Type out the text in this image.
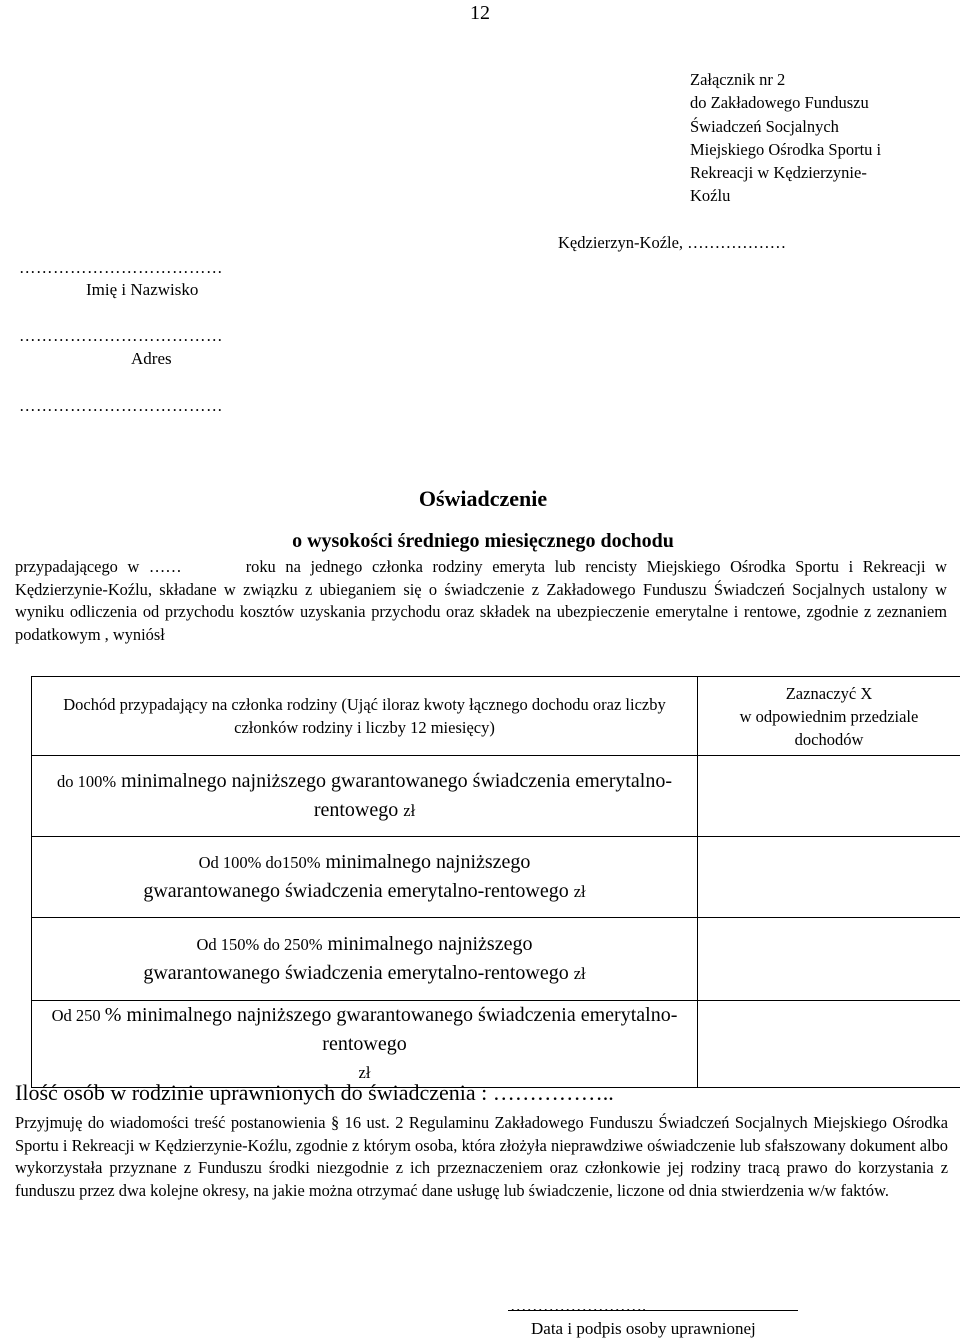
12
Załącznik nr 2
do Zakładowego Funduszu
Świadczeń Socjalnych
Miejskiego Ośrodka Sportu i
Rekreacji w Kędzierzynie-
Koźlu
Kędzierzyn-Koźle, ………………
………………………………
Imię i Nazwisko
………………………………
Adres
………………………………
Oświadczenie
o wysokości średniego miesięcznego dochodu

przypadającego w ……	roku na jednego członka rodziny emeryta lub rencisty Miejskiego Ośrodka Sportu i Rekreacji w Kędzierzynie-Koźlu, składane w związku z ubieganiem się o świadczenie z Zakładowego Funduszu Świadczeń Socjalnych ustalony w wyniku odliczenia od przychodu kosztów uzyskania przychodu oraz składek na ubezpieczenie emerytalne i rentowe, zgodnie z zeznaniem podatkowym , wyniósł

Dochód przypadający na członka rodziny (Ująć iloraz kwoty łącznego dochodu oraz liczby członków rodziny i liczby 12 miesięcy)	Zaznaczyć X
w odpowiednim przedziale dochodów

do 100% minimalnego najniższego gwarantowanego świadczenia emerytalno-rentowego zł	
Od 100% do150% minimalnego najniższego gwarantowanego świadczenia emerytalno-rentowego zł	
Od 150% do 250% minimalnego najniższego gwarantowanego świadczenia emerytalno-rentowego zł	
Od 250 % minimalnego najniższego gwarantowanego świadczenia emerytalno-rentowego
zł	
Ilość osób w rodzinie uprawnionych do świadczenia : ……………..

Przyjmuję do wiadomości treść postanowienia § 16 ust. 2 Regulaminu Zakładowego Funduszu Świadczeń Socjalnych Miejskiego Ośrodka Sportu i Rekreacji w Kędzierzynie-Koźlu, zgodnie z którym osoba, która złożyła nieprawdziwe oświadczenie lub sfałszowany dokument albo wykorzystała przyznane z Funduszu środki niezgodnie z ich przeznaczeniem oraz członkowie jej rodziny tracą prawo do korzystania z funduszu przez dwa kolejne okresy, na jakie można otrzymać dane usługę lub świadczenie, liczone od dnia stwierdzenia w/w faktów.

…………………….
Data i podpis osoby uprawnionej
